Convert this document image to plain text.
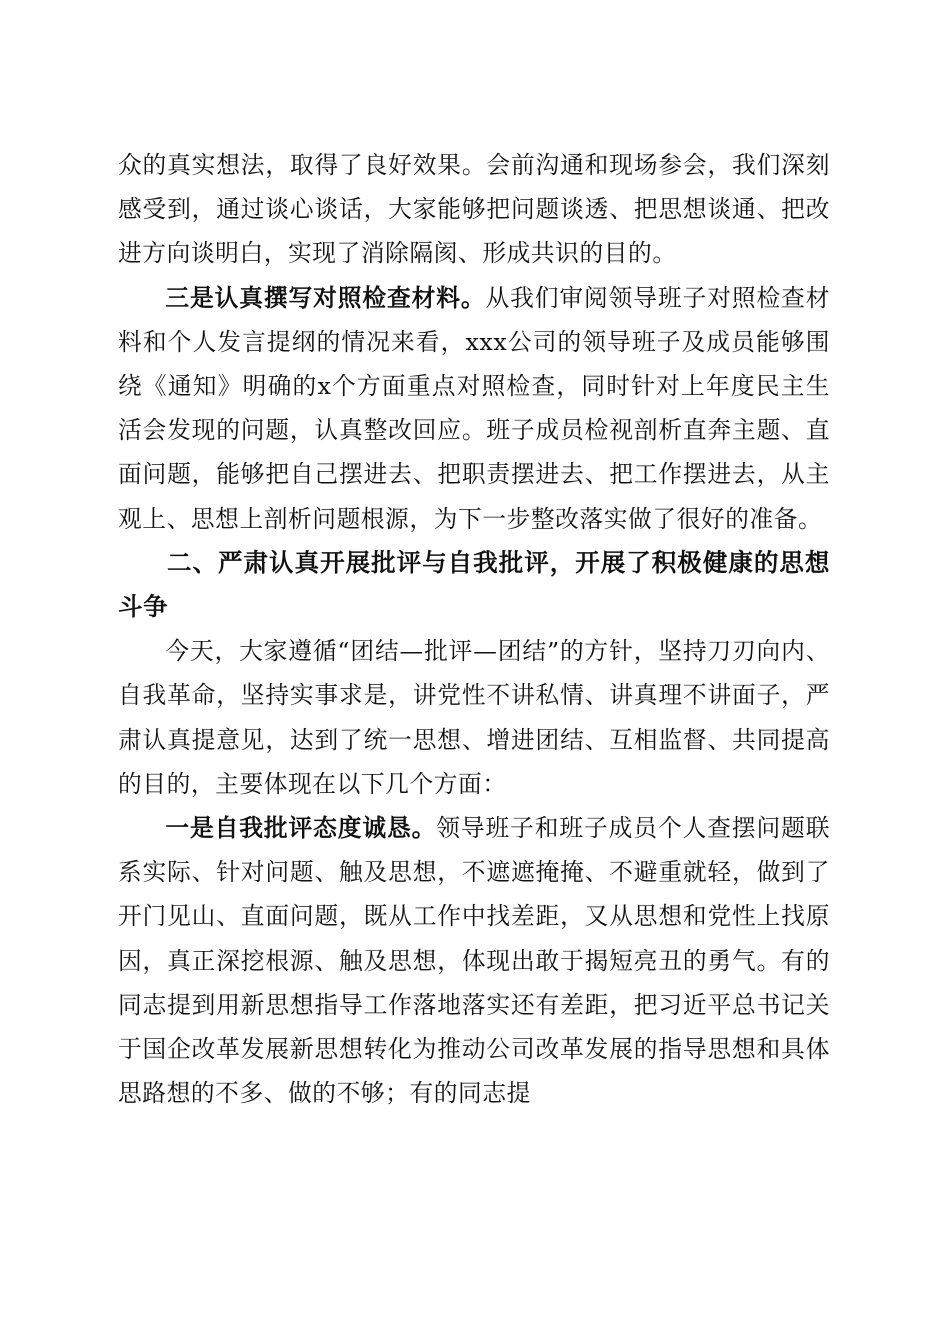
众的真实想法，取得了良好效果。会前沟通和现场参会，我们深刻感受到，通过谈心谈话，大家能够把问题谈透、把思想谈通、把改进方向谈明白，实现了消除隔阂、形成共识的目的。

三是认真撰写对照检查材料。从我们审阅领导班子对照检查材料和个人发言提纲的情况来看，xxx公司的领导班子及成员能够围绕《通知》明确的x个方面重点对照检查，同时针对上年度民主生活会发现的问题，认真整改回应。班子成员检视剖析直奔主题、直面问题，能够把自己摆进去、把职责摆进去、把工作摆进去，从主观上、思想上剖析问题根源，为下一步整改落实做了很好的准备。

二、严肃认真开展批评与自我批评，开展了积极健康的思想斗争

今天，大家遵循“团结—批评—团结”的方针，坚持刀刃向内、自我革命，坚持实事求是，讲党性不讲私情、讲真理不讲面子，严肃认真提意见，达到了统一思想、增进团结、互相监督、共同提高的目的，主要体现在以下几个方面：

一是自我批评态度诚恳。领导班子和班子成员个人查摆问题联系实际、针对问题、触及思想，不遮遮掩掩、不避重就轻，做到了开门见山、直面问题，既从工作中找差距，又从思想和党性上找原因，真正深挖根源、触及思想，体现出敢于揭短亮丑的勇气。有的同志提到用新思想指导工作落地落实还有差距，把习近平总书记关于国企改革发展新思想转化为推动公司改革发展的指导思想和具体思路想的不多、做的不够；有的同志提
